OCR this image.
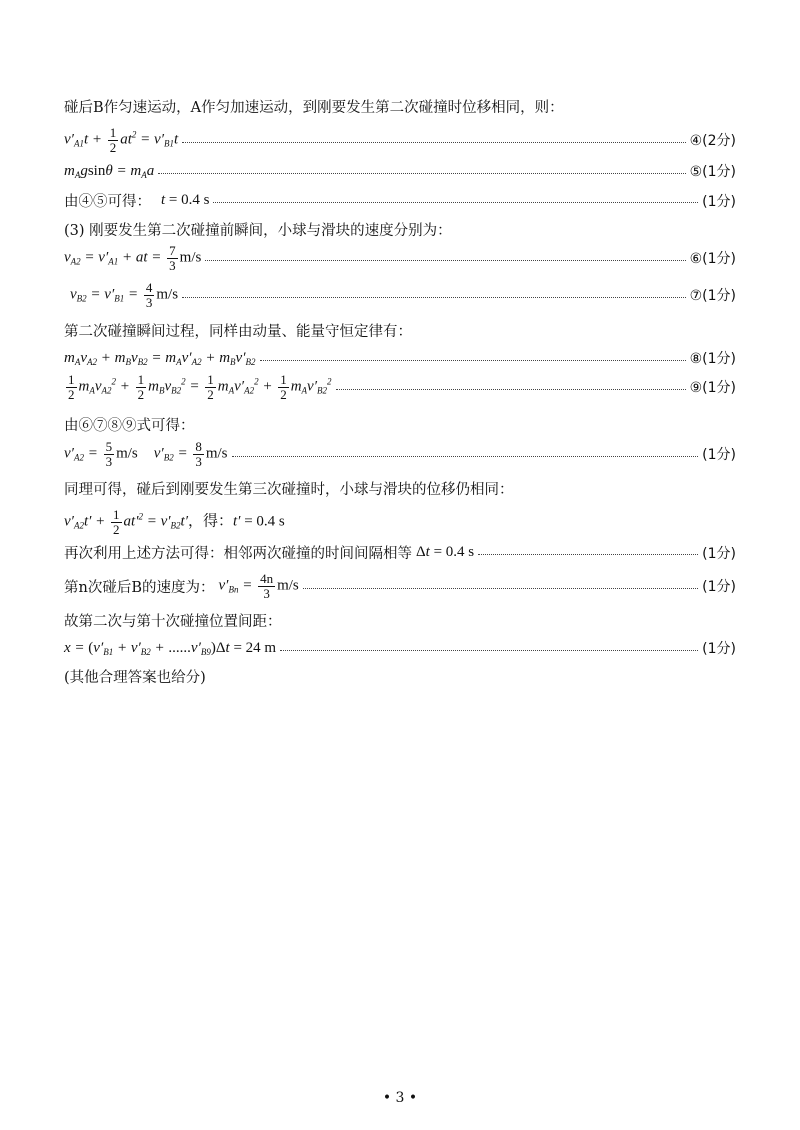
碰后B作匀速运动，A作匀加速运动，到刚要发生第二次碰撞时位移相同，则：
$v'_{A1}t + \frac{1}{2} at^2 = v'_{B1}t$	④(2分)
$m_Agsin\theta = m_Aa$	⑤(1分)
由④⑤可得： t = 0.4 s	(1分)
(3) 刚要发生第二次碰撞前瞬间，小球与滑块的速度分别为：
$v_{A2} = v'_{A1}$ + at = $\frac{7}{3} m/s$	⑥(1分)
$v_{B2} = v'_{B1} = \frac{4}{3} m/s$	⑦(1分)
第二次碰撞瞬间过程，同样由动量、能量守恒定律有：
$m_Av_{A2} + m_Bv_{B2} = m_Av'_{A2} + m_Bv'_{B2}$	⑧(1分)
$\frac{1}{2} m_Av_{A2}^2 + \frac{1}{2} m_Bv_{B2}^2 = \frac{1}{2} m_Av'_{A2}^2 + \frac{1}{2} m_Av'_{B2}^2$	⑨(1分)
由⑥⑦⑧⑨式可得：
$v'_{A2} = \frac{5}{3} m/s$ $v'_{B2} = \frac{8}{3} m/s$	(1分)
同理可得，碰后到刚要发生第三次碰撞时，小球与滑块的位移仍相同：
$v'_{A2}t' + \frac{1}{2} at'^2 = v'_{B2}t'$，得：t′ = 0.4 s
再次利用上述方法可得：相邻两次碰撞的时间间隔相等 Δt = 0.4 s	(1分)
第n次碰后B的速度为： $v'_{Bn} = \frac{4n}{3} m/s$	(1分)
故第二次与第十次碰撞位置间距：
$x = (v'_{B1} + v'_{B2} + ......v'_{B9})\Delta t = 24$ m	(1分)
(其他合理答案也给分)
• 3 •
